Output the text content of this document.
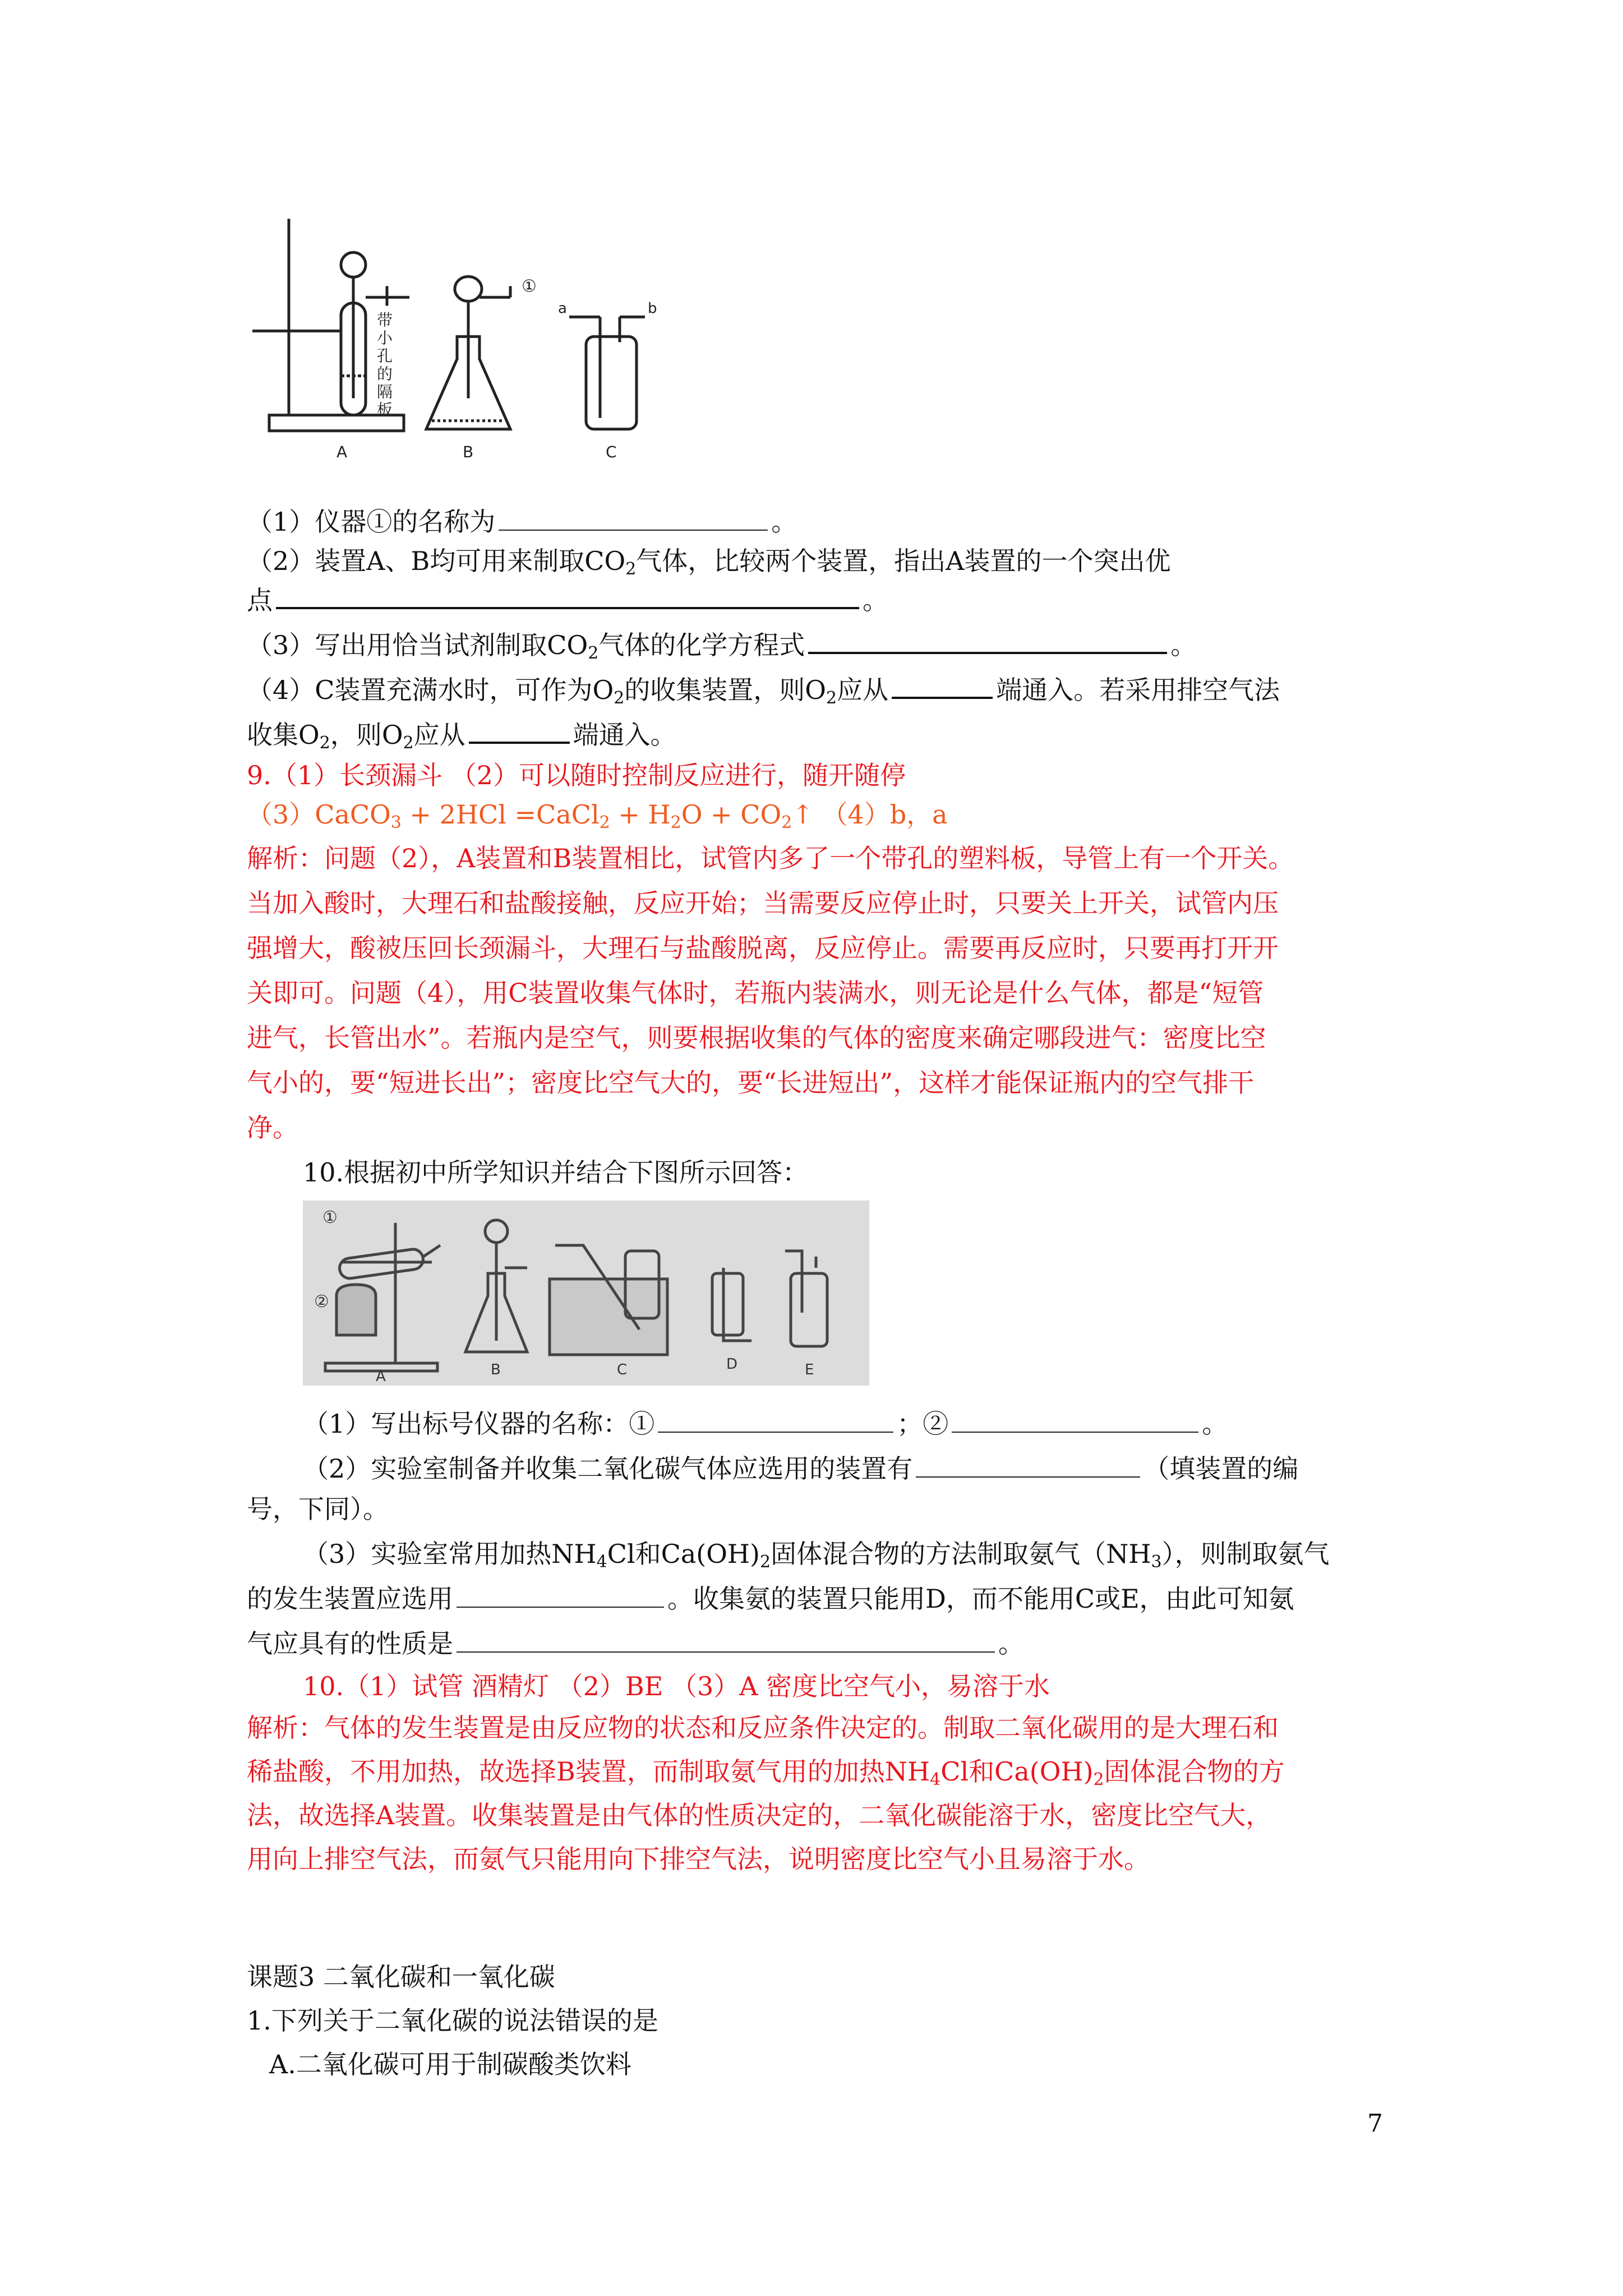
带
小
孔
的
隔
板
①
a	b
A	B	C
（1）仪器①的名称为	。
（2）装置A、B均可用来制取$CO_2$气体，比较两个装置，指出A装置的一个突出优
点	。
（3）写出用恰当试剂制取$CO_2$气体的化学方程式	。
（4）C装置充满水时，可作为$O_2$的收集装置，则$O_2$应从	端通入。若采用排空气法
收集$O_2$，则$O_2$应从	端通入。
9.（1）长颈漏斗 （2）可以随时控制反应进行，随开随停
（3）CaCO$_3$ + 2HCl =CaCl$_2$ + $H_2O$ + $CO_2↑$ （4）b，a
解析：问题（2），A装置和B装置相比，试管内多了一个带孔的塑料板，导管上有一个开关。
当加入酸时，大理石和盐酸接触，反应开始；当需要反应停止时，只要关上开关，试管内压
强增大，酸被压回长颈漏斗，大理石与盐酸脱离，反应停止。需要再反应时，只要再打开开
关即可。问题（4），用C装置收集气体时，若瓶内装满水，则无论是什么气体，都是“短管
进气，长管出水”。若瓶内是空气，则要根据收集的气体的密度来确定哪段进气：密度比空
气小的，要“短进长出”；密度比空气大的，要“长进短出”，这样才能保证瓶内的空气排干
净。
10.根据初中所学知识并结合下图所示回答：
①
②
A	B	C	D	E
（1）写出标号仪器的名称：①	；②	。
（2）实验室制备并收集二氧化碳气体应选用的装置有	（填装置的编
号，下同）。
（3）实验室常用加热$NH_4Cl$和$Ca(OH)_2$固体混合物的方法制取氨气$(NH_3)$，则制取氨气
的发生装置应选用	。收集氨的装置只能用D，而不能用C或E，由此可知氨
气应具有的性质是	。
10.（1）试管 酒精灯 （2）BE （3）A 密度比空气小，易溶于水
解析：气体的发生装置是由反应物的状态和反应条件决定的。制取二氧化碳用的是大理石和
稀盐酸，不用加热，故选择B装置，而制取氨气用的加热$NH_4Cl$和$Ca(OH)_2$固体混合物的方
法，故选择A装置。收集装置是由气体的性质决定的，二氧化碳能溶于水，密度比空气大，
用向上排空气法，而氨气只能用向下排空气法，说明密度比空气小且易溶于水。
课题3 二氧化碳和一氧化碳
1.下列关于二氧化碳的说法错误的是
A.二氧化碳可用于制碳酸类饮料
7
